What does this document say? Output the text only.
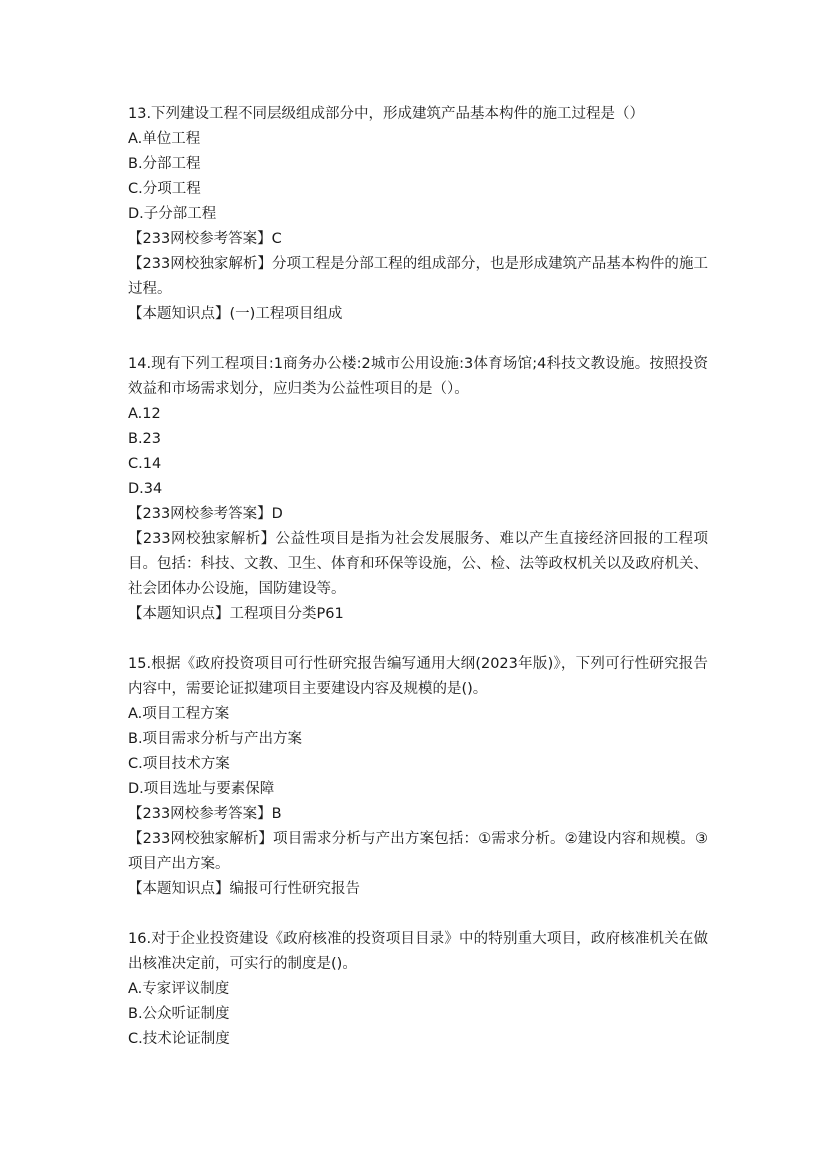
13.下列建设工程不同层级组成部分中，形成建筑产品基本构件的施工过程是（）
A.单位工程
B.分部工程
C.分项工程
D.子分部工程
【233网校参考答案】C
【233网校独家解析】分项工程是分部工程的组成部分，也是形成建筑产品基本构件的施工过程。
【本题知识点】(一)工程项目组成
14.现有下列工程项目:1商务办公楼:2城市公用设施:3体育场馆;4科技文教设施。按照投资效益和市场需求划分，应归类为公益性项目的是（）。
A.12
B.23
C.14
D.34
【233网校参考答案】D
【233网校独家解析】公益性项目是指为社会发展服务、难以产生直接经济回报的工程项目。包括：科技、文教、卫生、体育和环保等设施，公、检、法等政权机关以及政府机关、社会团体办公设施，国防建设等。
【本题知识点】工程项目分类P61
15.根据《政府投资项目可行性研究报告编写通用大纲(2023年版)》，下列可行性研究报告内容中，需要论证拟建项目主要建设内容及规模的是()。
A.项目工程方案
B.项目需求分析与产出方案
C.项目技术方案
D.项目选址与要素保障
【233网校参考答案】B
【233网校独家解析】项目需求分析与产出方案包括：①需求分析。②建设内容和规模。③项目产出方案。
【本题知识点】编报可行性研究报告
16.对于企业投资建设《政府核准的投资项目目录》中的特别重大项目，政府核准机关在做出核准决定前，可实行的制度是()。
A.专家评议制度
B.公众听证制度
C.技术论证制度
